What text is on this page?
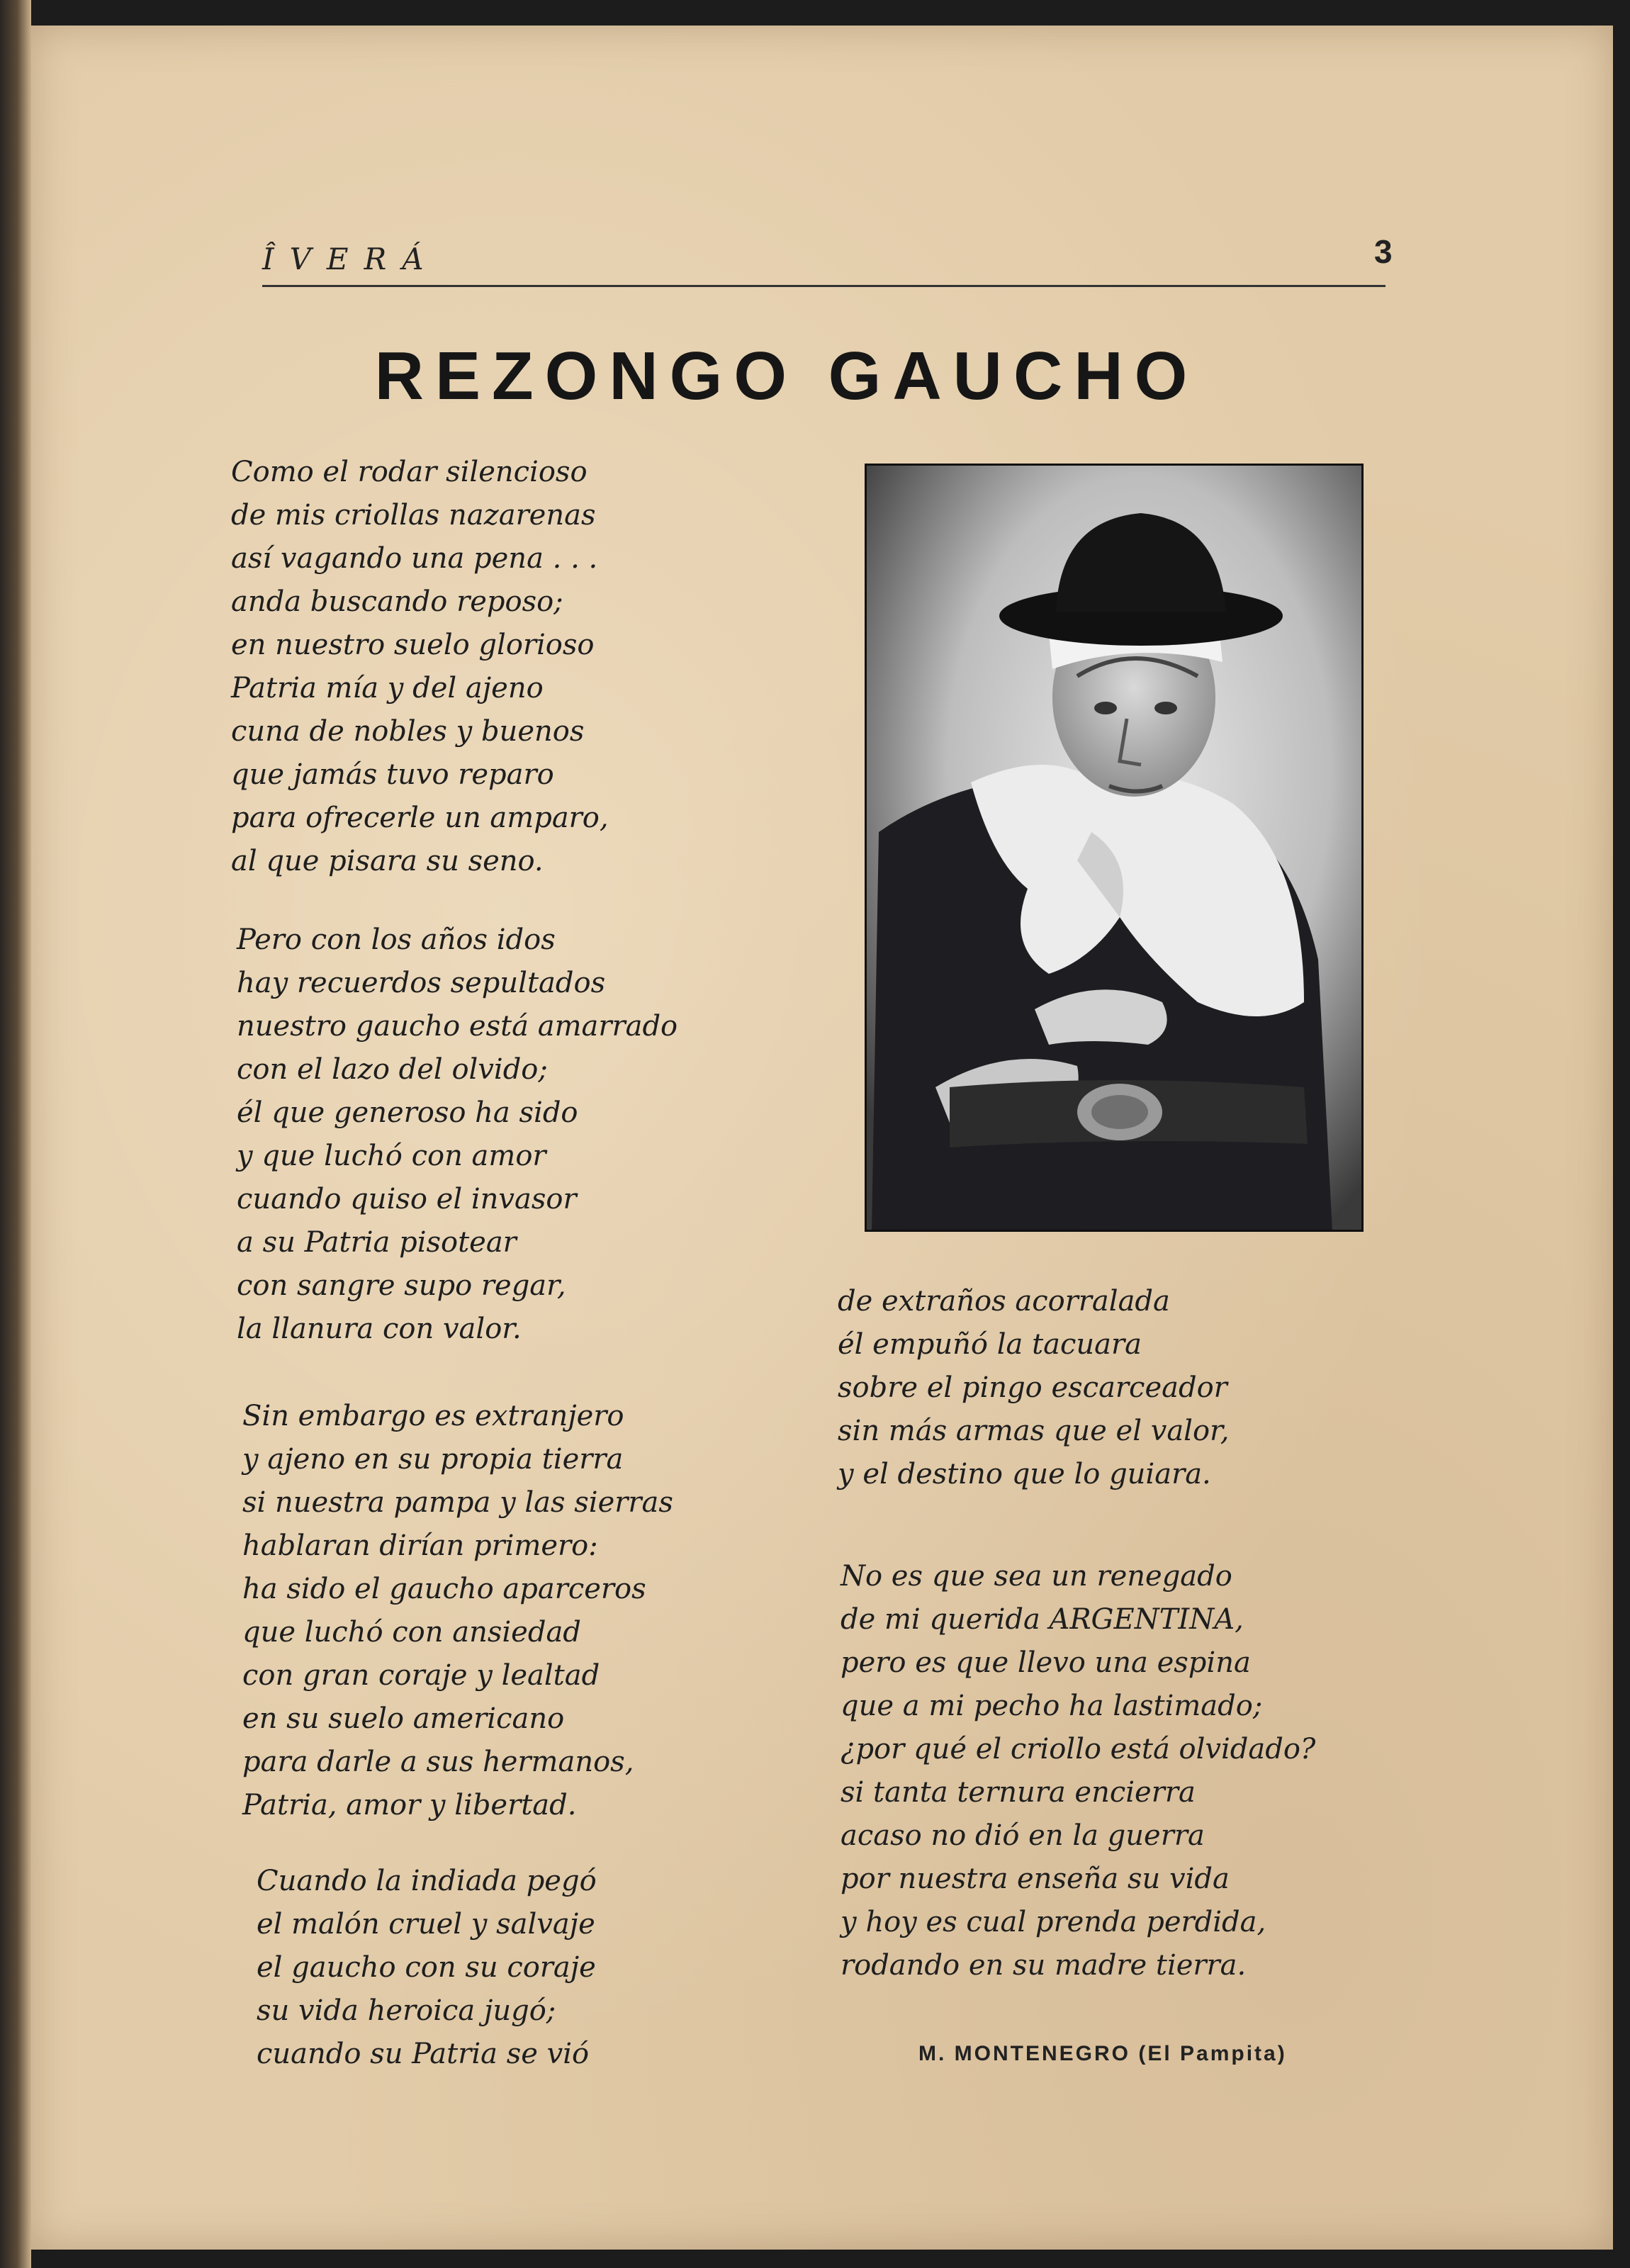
ÎVERÁ	3
REZONGO GAUCHO
Como el rodar silencioso
de mis criollas nazarenas
así vagando una pena . . .
anda buscando reposo;
en nuestro suelo glorioso
Patria mía y del ajeno
cuna de nobles y buenos
que jamás tuvo reparo
para ofrecerle un amparo,
al que pisara su seno.
Pero con los años idos
hay recuerdos sepultados
nuestro gaucho está amarrado
con el lazo del olvido;
él que generoso ha sido
y que luchó con amor
cuando quiso el invasor
a su Patria pisotear
con sangre supo regar,
la llanura con valor.
Sin embargo es extranjero
y ajeno en su propia tierra
si nuestra pampa y las sierras
hablaran dirían primero:
ha sido el gaucho aparceros
que luchó con ansiedad
con gran coraje y lealtad
en su suelo americano
para darle a sus hermanos,
Patria, amor y libertad.
Cuando la indiada pegó
el malón cruel y salvaje
el gaucho con su coraje
su vida heroica jugó;
cuando su Patria se vió
de extraños acorralada
él empuñó la tacuara
sobre el pingo escarceador
sin más armas que el valor,
y el destino que lo guiara.
No es que sea un renegado
de mi querida ARGENTINA,
pero es que llevo una espina
que a mi pecho ha lastimado;
¿por qué el criollo está olvidado?
si tanta ternura encierra
acaso no dió en la guerra
por nuestra enseña su vida
y hoy es cual prenda perdida,
rodando en su madre tierra.
M. MONTENEGRO (El Pampita)
